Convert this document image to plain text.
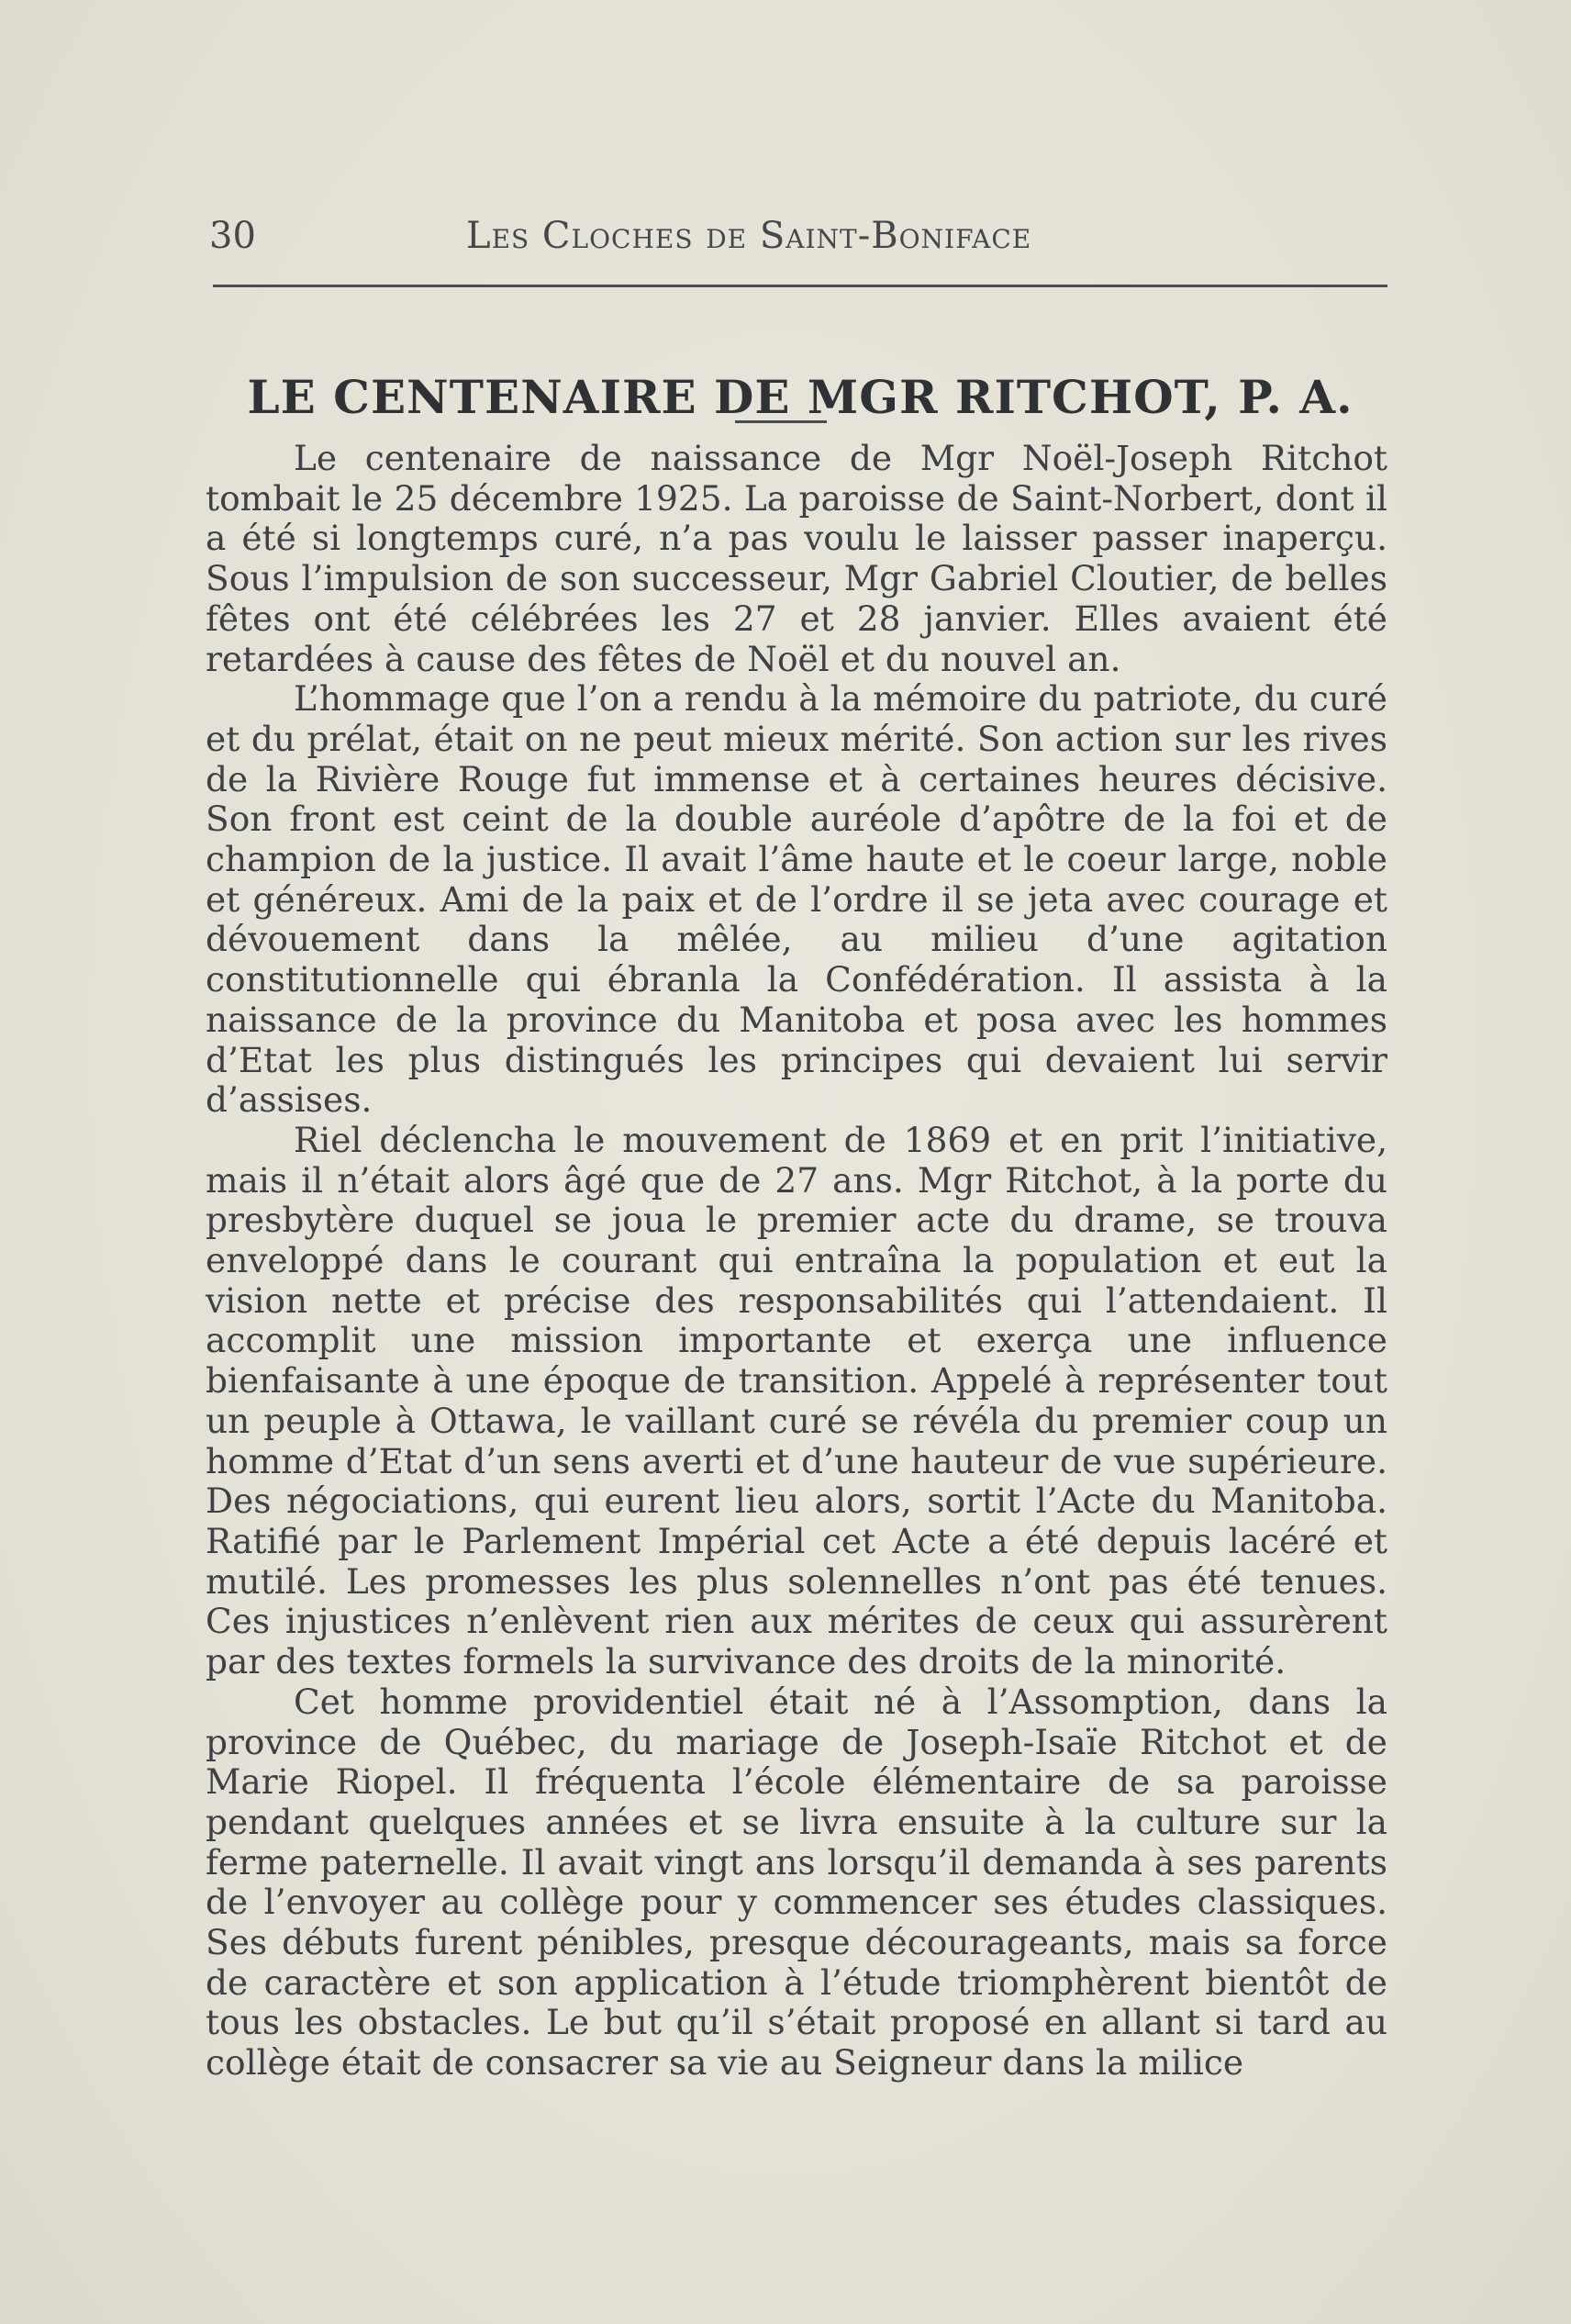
30	Les Cloches de Saint-Boniface
LE CENTENAIRE DE MGR RITCHOT, P. A.

Le centenaire de naissance de Mgr Noël-Joseph Ritchot tombait le 25 décembre 1925. La paroisse de Saint-Norbert, dont il a été si longtemps curé, n’a pas voulu le laisser passer inaperçu. Sous l’impulsion de son successeur, Mgr Gabriel Cloutier, de belles fêtes ont été célébrées les 27 et 28 janvier. Elles avaient été retardées à cause des fêtes de Noël et du nouvel an.

L’hommage que l’on a rendu à la mémoire du patriote, du curé et du prélat, était on ne peut mieux mérité. Son action sur les rives de la Rivière Rouge fut immense et à certaines heures décisive. Son front est ceint de la double auréole d’apôtre de la foi et de champion de la justice. Il avait l’âme haute et le coeur large, noble et généreux. Ami de la paix et de l’ordre il se jeta avec courage et dévouement dans la mêlée, au milieu d’une agitation constitutionnelle qui ébranla la Confédération. Il assista à la naissance de la province du Manitoba et posa avec les hommes d’Etat les plus distingués les principes qui devaient lui servir d’assises.

Riel déclencha le mouvement de 1869 et en prit l’initiative, mais il n’était alors âgé que de 27 ans. Mgr Ritchot, à la porte du presbytère duquel se joua le premier acte du drame, se trouva enveloppé dans le courant qui entraîna la population et eut la vision nette et précise des responsabilités qui l’attendaient. Il accomplit une mission importante et exerça une influence bienfaisante à une époque de transition. Appelé à représenter tout un peuple à Ottawa, le vaillant curé se révéla du premier coup un homme d’Etat d’un sens averti et d’une hauteur de vue supérieure. Des négociations, qui eurent lieu alors, sortit l’Acte du Manitoba. Ratifié par le Parlement Impérial cet Acte a été depuis lacéré et mutilé. Les promesses les plus solennelles n’ont pas été tenues. Ces injustices n’enlèvent rien aux mérites de ceux qui assurèrent par des textes formels la survivance des droits de la minorité.

Cet homme providentiel était né à l’Assomption, dans la province de Québec, du mariage de Joseph-Isaïe Ritchot et de Marie Riopel. Il fréquenta l’école élémentaire de sa paroisse pendant quelques années et se livra ensuite à la culture sur la ferme paternelle. Il avait vingt ans lorsqu’il demanda à ses parents de l’envoyer au collège pour y commencer ses études classiques. Ses débuts furent pénibles, presque décourageants, mais sa force de caractère et son application à l’étude triomphèrent bientôt de tous les obstacles. Le but qu’il s’était proposé en allant si tard au collège était de consacrer sa vie au Seigneur dans la milice
